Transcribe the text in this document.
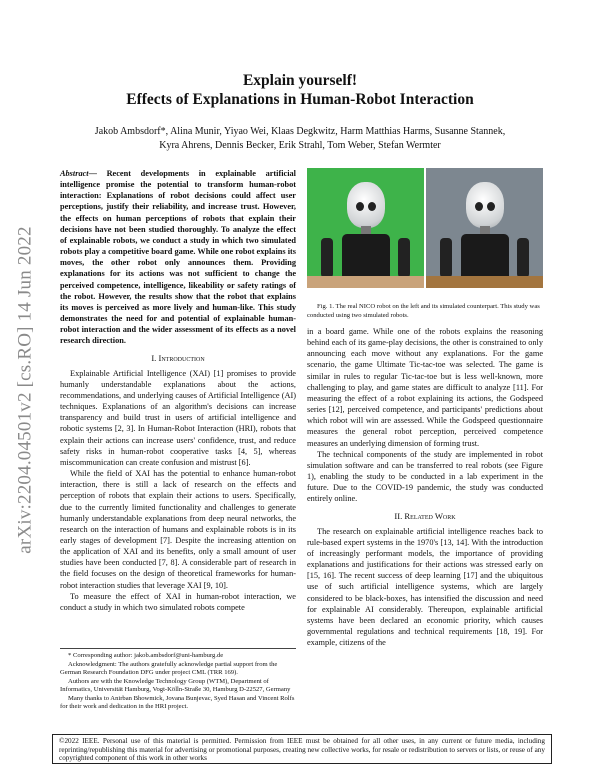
arXiv:2204.04501v2 [cs.RO] 14 Jun 2022
Explain yourself!
Effects of Explanations in Human-Robot Interaction
Jakob Ambsdorf*, Alina Munir, Yiyao Wei, Klaas Degkwitz, Harm Matthias Harms, Susanne Stannek,
Kyra Ahrens, Dennis Becker, Erik Strahl, Tom Weber, Stefan Wermter

Abstract— Recent developments in explainable artificial intelligence promise the potential to transform human-robot interaction: Explanations of robot decisions could affect user perceptions, justify their reliability, and increase trust. However, the effects on human perceptions of robots that explain their decisions have not been studied thoroughly. To analyze the effect of explainable robots, we conduct a study in which two simulated robots play a competitive board game. While one robot explains its moves, the other robot only announces them. Providing explanations for its actions was not sufficient to change the perceived competence, intelligence, likeability or safety ratings of the robot. However, the results show that the robot that explains its moves is perceived as more lively and human-like. This study demonstrates the need for and potential of explainable human-robot interaction and the wider assessment of its effects as a novel research direction.

I. Introduction

Explainable Artificial Intelligence (XAI) [1] promises to provide humanly understandable explanations about the actions, recommendations, and underlying causes of Artificial Intelligence (AI) techniques. Explanations of an algorithm's decisions can increase transparency and build trust in users of artificial intelligence and robotic systems [2, 3]. In Human-Robot Interaction (HRI), robots that explain their actions can increase users' confidence, trust, and reduce safety risks in human-robot cooperative tasks [4, 5], whereas miscommunication can create confusion and mistrust [6].

While the field of XAI has the potential to enhance human-robot interaction, there is still a lack of research on the effects and perception of robots that explain their actions to users. Specifically, due to the currently limited functionality and challenges to generate humanly understandable explanations from deep neural networks, the research on the interaction of humans and explainable robots is in its early stages of development [7]. Despite the increasing attention on the application of XAI and its benefits, only a small amount of user studies have been conducted [7, 8]. A considerable part of research in the field focuses on the design of theoretical frameworks for human-robot interaction studies that leverage XAI [9, 10].

To measure the effect of XAI in human-robot interaction, we conduct a study in which two simulated robots compete

* Corresponding author: jakob.ambsdorf@uni-hamburg.de
Acknowledgment: The authors gratefully acknowledge partial support from the German Research Foundation DFG under project CML (TRR 169).
Authors are with the Knowledge Technology Group (WTM), Department of Informatics, Universität Hamburg, Vogt-Kölln-Straße 30, Hamburg D-22527, Germany
Many thanks to Anirban Bhowmick, Jovana Bunjevac, Syed Hasan and Vincent Rolfs for their work and dedication in the HRI project.

Fig. 1. The real NICO robot on the left and its simulated counterpart. This study was conducted using two simulated robots.

in a board game. While one of the robots explains the reasoning behind each of its game-play decisions, the other is constrained to only announcing each move without any explanations. For the game scenario, the game Ultimate Tic-tac-toe was selected. The game is similar in rules to regular Tic-tac-toe but is less well-known, more challenging to play, and game states are difficult to analyze [11]. For measuring the effect of a robot explaining its actions, the Godspeed series [12], perceived competence, and participants' predictions about which robot will win are assessed. While the Godspeed questionnaire measures the general robot perception, perceived competence measures an underlying dimension of forming trust.

The technical components of the study are implemented in robot simulation software and can be transferred to real robots (see Figure 1), enabling the study to be conducted in a lab experiment in the future. Due to the COVID-19 pandemic, the study was conducted entirely online.

II. Related Work

The research on explainable artificial intelligence reaches back to rule-based expert systems in the 1970's [13, 14]. With the introduction of increasingly performant models, the importance of providing explanations and justifications for their actions was stressed early on [15, 16]. The recent success of deep learning [17] and the ubiquitous use of such artificial intelligence systems, which are largely considered to be black-boxes, has intensified the discussion and need for explainable AI considerably. Thereupon, explainable artificial systems have been declared an economic priority, which causes governmental regulations and technical requirements [18, 19]. For example, citizens of the

©2022 IEEE. Personal use of this material is permitted. Permission from IEEE must be obtained for all other uses, in any current or future media, including reprinting/republishing this material for advertising or promotional purposes, creating new collective works, for resale or redistribution to servers or lists, or reuse of any copyrighted component of this work in other works
